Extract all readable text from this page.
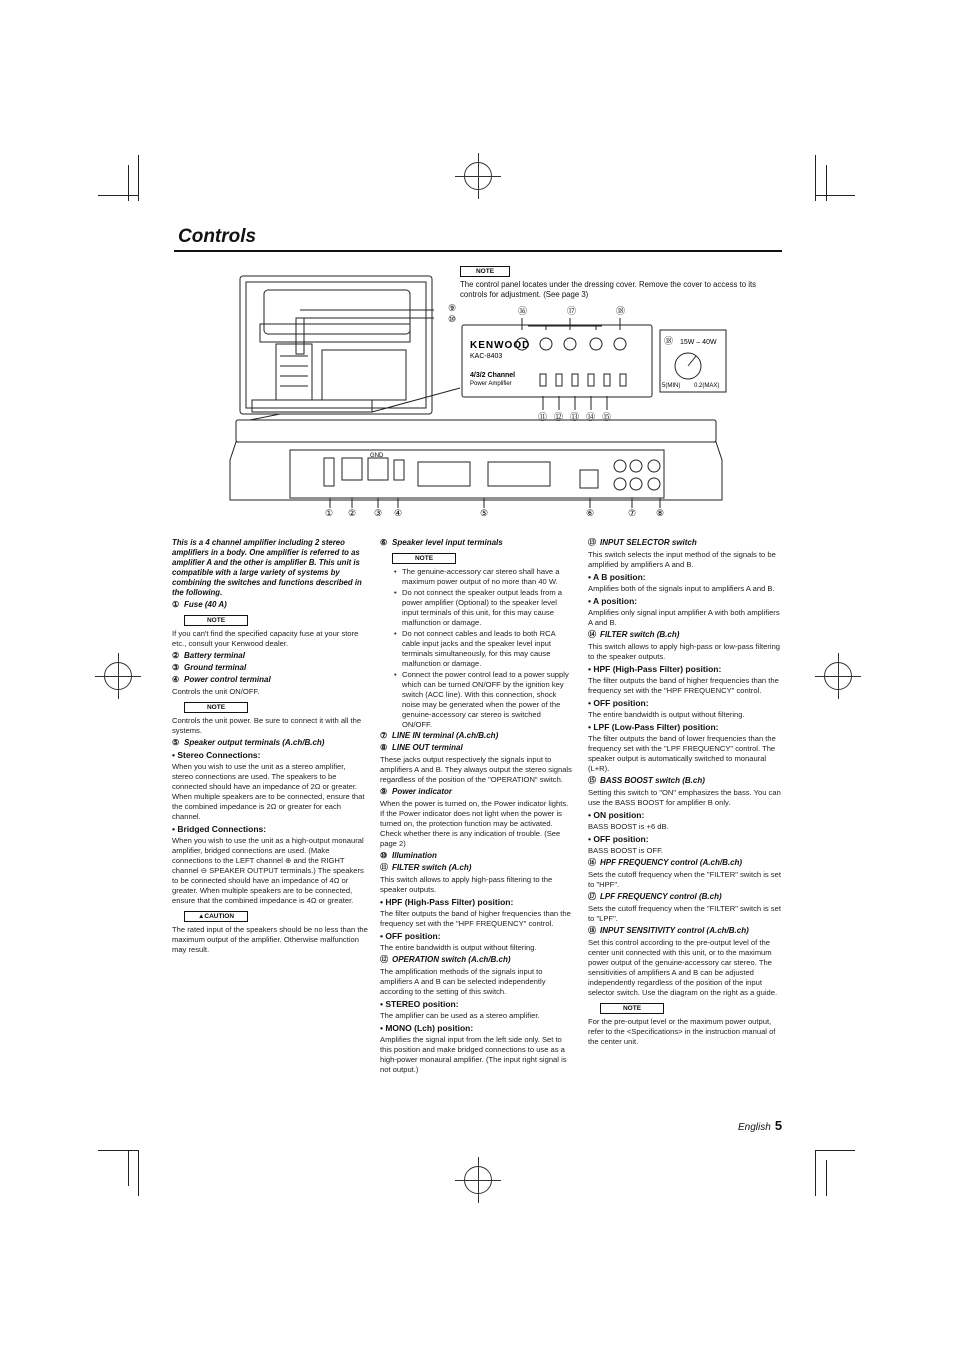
Controls
NOTE
The control panel locates under the dressing cover. Remove the cover to access to its controls for adjustment. (See page 3)
⑨
⑩
KENWOOD
KAC-8403
4/3/2 Channel
Power Amplifier
⑯	⑰	⑱
⑪ ⑫ ⑬ ⑭ ⑮
⑱ 15W – 40W
5(MIN) 0.2(MAX)
GND
① ② ③ ④	⑤	⑥	⑦ ⑧

This is a 4 channel amplifier including 2 stereo amplifiers in a body. One amplifier is referred to as amplifier A and the other is amplifier B. This unit is compatible with a large variety of systems by combining the switches and functions described in the following.

① Fuse (40 A)

NOTE

If you can't find the specified capacity fuse at your store etc., consult your Kenwood dealer.

② Battery terminal

③ Ground terminal

④ Power control terminal

Controls the unit ON/OFF.

NOTE

Controls the unit power. Be sure to connect it with all the systems.

⑤ Speaker output terminals (A.ch/B.ch)

• Stereo Connections:

When you wish to use the unit as a stereo amplifier, stereo connections are used. The speakers to be connected should have an impedance of 2Ω or greater. When multiple speakers are to be connected, ensure that the combined impedance is 2Ω or greater for each channel.

• Bridged Connections:

When you wish to use the unit as a high-output monaural amplifier, bridged connections are used. (Make connections to the LEFT channel ⊕ and the RIGHT channel ⊖ SPEAKER OUTPUT terminals.) The speakers to be connected should have an impedance of 4Ω or greater. When multiple speakers are to be connected, ensure that the combined impedance is 4Ω or greater.

▲CAUTION

The rated input of the speakers should be no less than the maximum output of the amplifier. Otherwise malfunction may result.

⑥ Speaker level input terminals

NOTE
• The genuine-accessory car stereo shall have a maximum power output of no more than 40 W.
• Do not connect the speaker output leads from a power amplifier (Optional) to the speaker level input terminals of this unit, for this may cause malfunction or damage.
• Do not connect cables and leads to both RCA cable input jacks and the speaker level input terminals simultaneously, for this may cause malfunction or damage.
• Connect the power control lead to a power supply which can be turned ON/OFF by the ignition key switch (ACC line). With this connection, shock noise may be generated when the power of the genuine-accessory car stereo is switched ON/OFF.

⑦ LINE IN terminal (A.ch/B.ch)

⑧ LINE OUT terminal

These jacks output respectively the signals input to amplifiers A and B. They always output the stereo signals regardless of the position of the "OPERATION" switch.

⑨ Power indicator

When the power is turned on, the Power indicator lights. If the Power indicator does not light when the power is turned on, the protection function may be activated. Check whether there is any indication of trouble. (See page 2)

⑩ Illumination

⑪ FILTER switch (A.ch)

This switch allows to apply high-pass filtering to the speaker outputs.

• HPF (High-Pass Filter) position:

The filter outputs the band of higher frequencies than the frequency set with the "HPF FREQUENCY" control.

• OFF position:

The entire bandwidth is output without filtering.

⑫ OPERATION switch (A.ch/B.ch)

The amplification methods of the signals input to amplifiers A and B can be selected independently according to the setting of this switch.

• STEREO position:

The amplifier can be used as a stereo amplifier.

• MONO (Lch) position:

Amplifies the signal input from the left side only. Set to this position and make bridged connections to use as a high-power monaural amplifier. (The input right signal is not output.)

⑬ INPUT SELECTOR switch

This switch selects the input method of the signals to be amplified by amplifiers A and B.

• A B position:

Amplifies both of the signals input to amplifiers A and B.

• A position:

Amplifies only signal input amplifier A with both amplifiers A and B.

⑭ FILTER switch (B.ch)

This switch allows to apply high-pass or low-pass filtering to the speaker outputs.

• HPF (High-Pass Filter) position:

The filter outputs the band of higher frequencies than the frequency set with the "HPF FREQUENCY" control.

• OFF position:

The entire bandwidth is output without filtering.

• LPF (Low-Pass Filter) position:

The filter outputs the band of lower frequencies than the frequency set with the "LPF FREQUENCY" control. The speaker output is automatically switched to monaural (L+R).

⑮ BASS BOOST switch (B.ch)

Setting this switch to "ON" emphasizes the bass. You can use the BASS BOOST for amplifier B only.

• ON position:

BASS BOOST is +6 dB.

• OFF position:

BASS BOOST is OFF.

⑯ HPF FREQUENCY control (A.ch/B.ch)

Sets the cutoff frequency when the "FILTER" switch is set to "HPF".

⑰ LPF FREQUENCY control (B.ch)

Sets the cutoff frequency when the "FILTER" switch is set to "LPF".

⑱ INPUT SENSITIVITY control (A.ch/B.ch)

Set this control according to the pre-output level of the center unit connected with this unit, or to the maximum power output of the genuine-accessory car stereo. The sensitivities of amplifiers A and B can be adjusted independently regardless of the position of the input selector switch. Use the diagram on the right as a guide.

NOTE

For the pre-output level or the maximum power output, refer to the <Specifications> in the instruction manual of the center unit.

English 5
